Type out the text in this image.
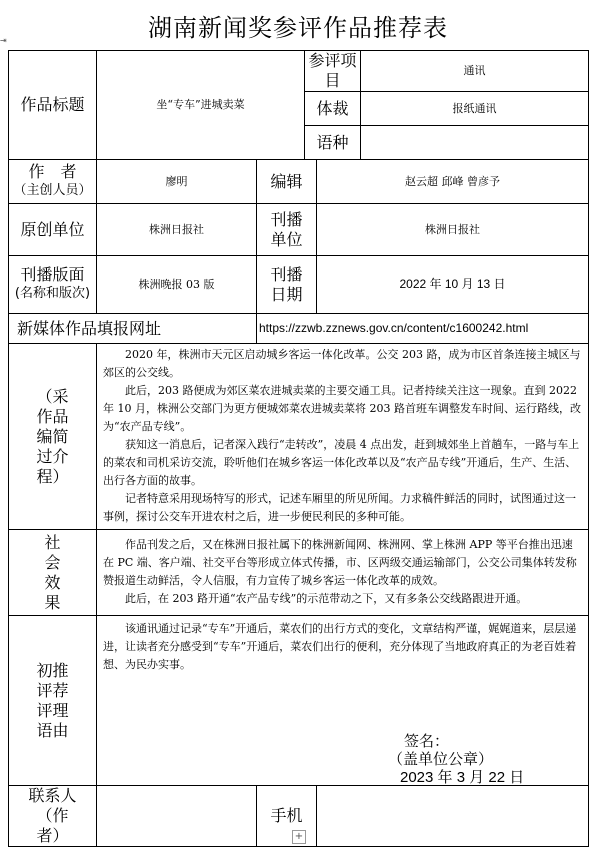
湖南新闻奖参评作品推荐表
⇥
作品标题	坐“专车”进城卖菜		参评项目		通讯
			体裁		报纸通讯
			语种		

作　者
（主创人员）	廖明	编辑		赵云超 邱峰 曾彦予	
原创单位	株洲日报社	刊播单位		株洲日报社	

刊播版面
(名称和版次)	株洲晚报 03 版	刊播日期		2022 年 10 月 13 日	
新媒体作品填报网址		https://zzwb.zznews.gov.cn/content/c1600242.html			
（采作品编简过介程）	2020 年，株洲市天元区启动城乡客运一体化改革。公交 203 路，成为市区首条连接主城区与郊区的公交线。

此后，203 路便成为郊区菜农进城卖菜的主要交通工具。记者持续关注这一现象。直到 2022 年 10 月，株洲公交部门为更方便城郊菜农进城卖菜将 203 路首班车调整发车时间、运行路线，改为“农产品专线”。

获知这一消息后，记者深入践行“走转改”，凌晨 4 点出发，赶到城郊坐上首趟车，一路与车上的菜农和司机采访交流，聆听他们在城乡客运一体化改革以及“农产品专线”开通后，生产、生活、出行各方面的故事。

记者特意采用现场特写的形式，记述车厢里的所见所闻。力求稿件鲜活的同时，试图通过这一事例，探讨公交车开进农村之后，进一步便民利民的多种可能。				

社会效果	作品刊发之后，又在株洲日报社属下的株洲新闻网、株洲网、掌上株洲 APP 等平台推出迅速在 PC 端、客户端、社交平台等形成立体式传播，市、区两级交通运输部门，公交公司集体转发称赞报道生动鲜活，令人信服，有力宣传了城乡客运一体化改革的成效。

此后，在 203 路开通“农产品专线”的示范带动之下，又有多条公交线路跟进开通。				

初推评荐评理语由	该通讯通过记录“专车”开通后，菜农们的出行方式的变化，文章结构严谨，娓娓道来，层层递进，让读者充分感受到“专车”开通后，菜农们出行的便利，充分体现了当地政府真正的为老百姓着想、为民办实事。				

联系人（作者）		手机			
签名：
（盖单位公章）
2023 年 3 月 22 日
+
